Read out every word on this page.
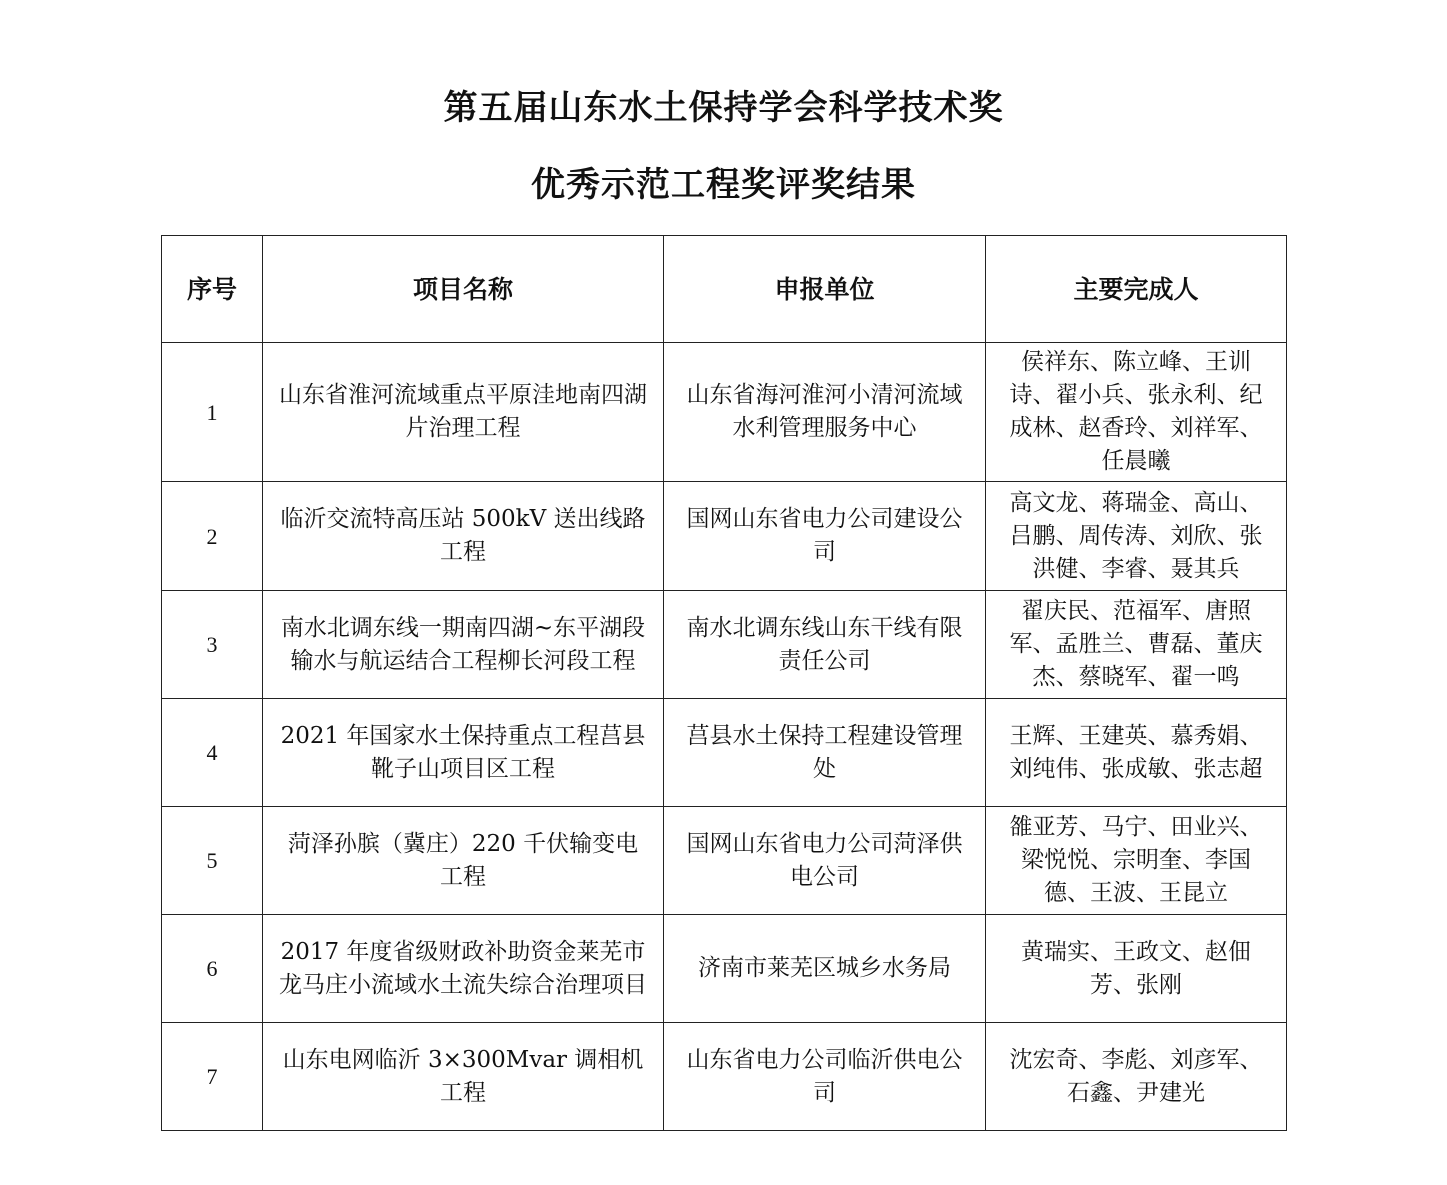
第五届山东水土保持学会科学技术奖
优秀示范工程奖评奖结果
序号	项目名称	申报单位	主要完成人
1	山东省淮河流域重点平原洼地南四湖片治理工程	山东省海河淮河小清河流域水利管理服务中心	侯祥东、陈立峰、王训诗、翟小兵、张永利、纪成林、赵香玲、刘祥军、任晨曦
2	临沂交流特高压站 500kV 送出线路工程	国网山东省电力公司建设公司	高文龙、蒋瑞金、高山、吕鹏、周传涛、刘欣、张洪健、李睿、聂其兵
3	南水北调东线一期南四湖~东平湖段输水与航运结合工程柳长河段工程	南水北调东线山东干线有限责任公司	翟庆民、范福军、唐照军、孟胜兰、曹磊、董庆杰、蔡晓军、翟一鸣
4	2021 年国家水土保持重点工程莒县靴子山项目区工程	莒县水土保持工程建设管理处	王辉、王建英、慕秀娟、刘纯伟、张成敏、张志超
5	菏泽孙膑（冀庄）220 千伏输变电工程	国网山东省电力公司菏泽供电公司	雒亚芳、马宁、田业兴、梁悦悦、宗明奎、李国德、王波、王昆立
6	2017 年度省级财政补助资金莱芜市龙马庄小流域水土流失综合治理项目	济南市莱芜区城乡水务局	黄瑞实、王政文、赵佃芳、张刚
7	山东电网临沂 3×300Mvar 调相机工程	山东省电力公司临沂供电公司	沈宏奇、李彪、刘彦军、石鑫、尹建光
